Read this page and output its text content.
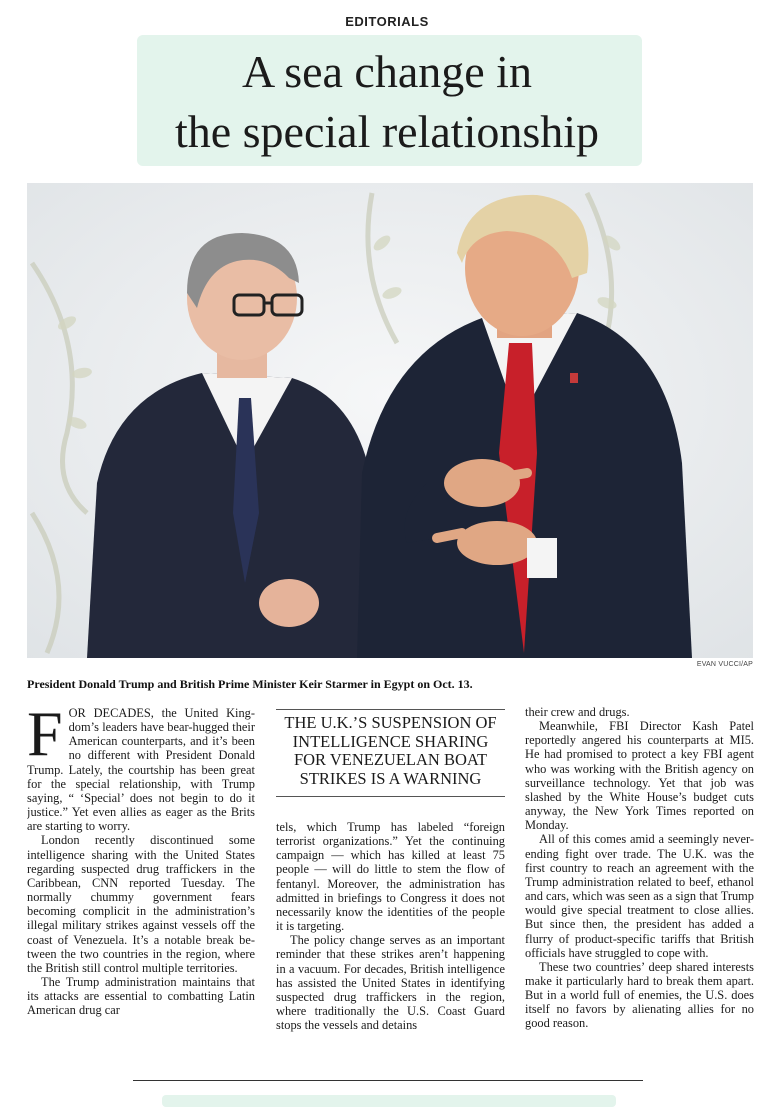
EDITORIALS
A sea change in
the special relationship
EVAN VUCCI/AP
President Donald Trump and British Prime Minister Keir Starmer in Egypt on Oct. 13.

FOR DECADES, the United Kingdom’s leaders have bear-hugged their American counterparts, and it’s been no different with President Donald Trump. Lately, the courtship has been great for the special relationship, with Trump saying, “ ‘Special’ does not begin to do it justice.” Yet even allies as eager as the Brits are starting to worry.

London recently discontinued some intelligence sharing with the United States regarding suspected drug traffickers in the Caribbean, CNN reported Tuesday. The normally chummy government fears becoming complicit in the administration’s illegal military strikes against vessels off the coast of Venezuela. It’s a notable break between the two countries in the region, where the British still control multiple territories.

The Trump administration maintains that its attacks are essential to combatting Latin American drug car

THE U.K.’S SUSPENSION OF
INTELLIGENCE SHARING
FOR VENEZUELAN BOAT
STRIKES IS A WARNING

tels, which Trump has labeled “foreign terrorist organizations.” Yet the continuing campaign — which has killed at least 75 people — will do little to stem the flow of fentanyl. Moreover, the administration has admitted in briefings to Congress it does not necessarily know the identities of the people it is targeting.

The policy change serves as an important reminder that these strikes aren’t happening in a vacuum. For decades, British intelligence has assisted the United States in identifying suspected drug traffickers in the region, where traditionally the U.S. Coast Guard stops the vessels and detains

their crew and drugs.

Meanwhile, FBI Director Kash Patel reportedly angered his counterparts at MI5. He had promised to protect a key FBI agent who was working with the British agency on surveillance technology. Yet that job was slashed by the White House’s budget cuts anyway, the New York Times reported on Monday.

All of this comes amid a seemingly never-ending fight over trade. The U.K. was the first country to reach an agreement with the Trump administration related to beef, ethanol and cars, which was seen as a sign that Trump would give special treatment to close allies. But since then, the president has added a flurry of product-specific tariffs that British officials have struggled to cope with.

These two countries’ deep shared interests make it particularly hard to break them apart. But in a world full of enemies, the U.S. does itself no favors by alienating allies for no good reason.
